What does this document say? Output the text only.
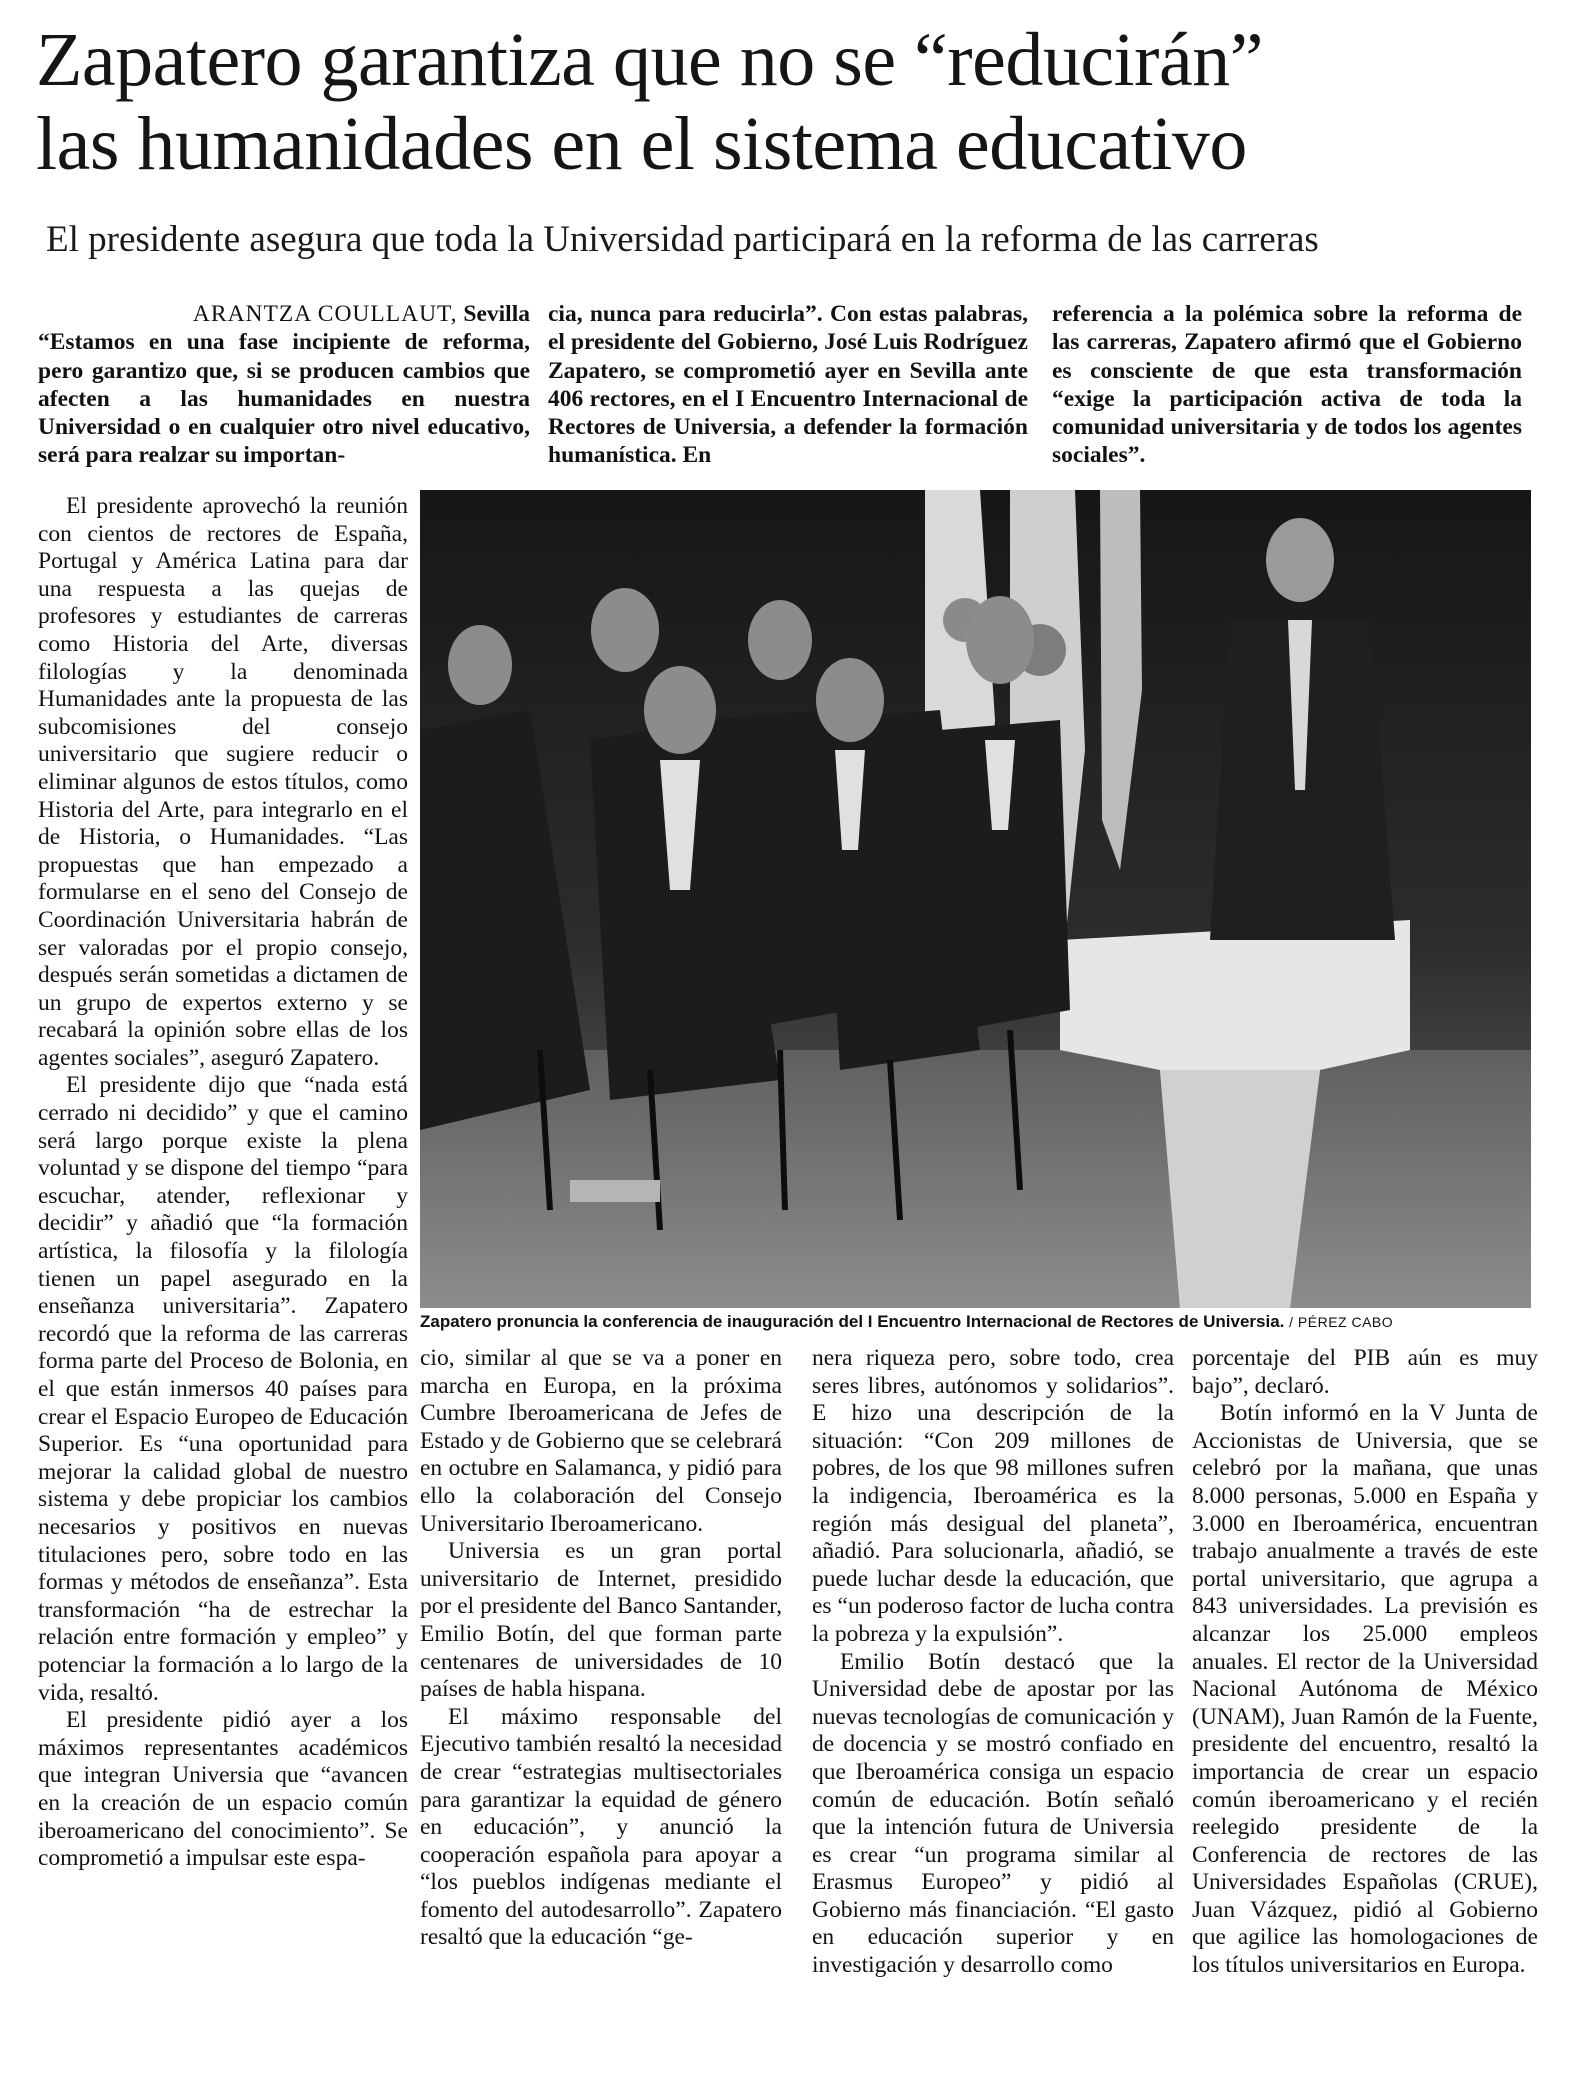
Zapatero garantiza que no se “reducirán”
las humanidades en el sistema educativo
El presidente asegura que toda la Universidad participará en la reforma de las carreras

ARANTZA COULLAUT, Sevilla

“Estamos en una fase incipiente de reforma, pero garantizo que, si se producen cambios que afecten a las humanidades en nuestra Universidad o en cualquier otro nivel educativo, será para realzar su importan-

cia, nunca para reducirla”. Con estas palabras, el presidente del Gobierno, José Luis Rodríguez Zapatero, se comprometió ayer en Sevilla ante 406 rectores, en el I Encuentro Internacional de Rectores de Universia, a defender la formación humanística. En

referencia a la polémica sobre la reforma de las carreras, Zapatero afirmó que el Gobierno es consciente de que esta transformación “exige la participación activa de toda la comunidad universitaria y de todos los agentes sociales”.

Zapatero pronuncia la conferencia de inauguración del I Encuentro Internacional de Rectores de Universia. / PÉREZ CABO

El presidente aprovechó la reunión con cientos de rectores de España, Portugal y América Latina para dar una respuesta a las quejas de profesores y estudiantes de carreras como Historia del Arte, diversas filologías y la denominada Humanidades ante la propuesta de las subcomisiones del consejo universitario que sugiere reducir o eliminar algunos de estos títulos, como Historia del Arte, para integrarlo en el de Historia, o Humanidades. “Las propuestas que han empezado a formularse en el seno del Consejo de Coordinación Universitaria habrán de ser valoradas por el propio consejo, después serán sometidas a dictamen de un grupo de expertos externo y se recabará la opinión sobre ellas de los agentes sociales”, aseguró Zapatero.

El presidente dijo que “nada está cerrado ni decidido” y que el camino será largo porque existe la plena voluntad y se dispone del tiempo “para escuchar, atender, reflexionar y decidir” y añadió que “la formación artística, la filosofía y la filología tienen un papel asegurado en la enseñanza universitaria”. Zapatero recordó que la reforma de las carreras forma parte del Proceso de Bolonia, en el que están inmersos 40 países para crear el Espacio Europeo de Educación Superior. Es “una oportunidad para mejorar la calidad global de nuestro sistema y debe propiciar los cambios necesarios y positivos en nuevas titulaciones pero, sobre todo en las formas y métodos de enseñanza”. Esta transformación “ha de estrechar la relación entre formación y empleo” y potenciar la formación a lo largo de la vida, resaltó.

El presidente pidió ayer a los máximos representantes académicos que integran Universia que “avancen en la creación de un espacio común iberoamericano del conocimiento”. Se comprometió a impulsar este espa-

cio, similar al que se va a poner en marcha en Europa, en la próxima Cumbre Iberoamericana de Jefes de Estado y de Gobierno que se celebrará en octubre en Salamanca, y pidió para ello la colaboración del Consejo Universitario Iberoamericano.

Universia es un gran portal universitario de Internet, presidido por el presidente del Banco Santander, Emilio Botín, del que forman parte centenares de universidades de 10 países de habla hispana.

El máximo responsable del Ejecutivo también resaltó la necesidad de crear “estrategias multisectoriales para garantizar la equidad de género en educación”, y anunció la cooperación española para apoyar a “los pueblos indígenas mediante el fomento del autodesarrollo”. Zapatero resaltó que la educación “ge-

nera riqueza pero, sobre todo, crea seres libres, autónomos y solidarios”. E hizo una descripción de la situación: “Con 209 millones de pobres, de los que 98 millones sufren la indigencia, Iberoamérica es la región más desigual del planeta”, añadió. Para solucionarla, añadió, se puede luchar desde la educación, que es “un poderoso factor de lucha contra la pobreza y la expulsión”.

Emilio Botín destacó que la Universidad debe de apostar por las nuevas tecnologías de comunicación y de docencia y se mostró confiado en que Iberoamérica consiga un espacio común de educación. Botín señaló que la intención futura de Universia es crear “un programa similar al Erasmus Europeo” y pidió al Gobierno más financiación. “El gasto en educación superior y en investigación y desarrollo como

porcentaje del PIB aún es muy bajo”, declaró.

Botín informó en la V Junta de Accionistas de Universia, que se celebró por la mañana, que unas 8.000 personas, 5.000 en España y 3.000 en Iberoamérica, encuentran trabajo anualmente a través de este portal universitario, que agrupa a 843 universidades. La previsión es alcanzar los 25.000 empleos anuales. El rector de la Universidad Nacional Autónoma de México (UNAM), Juan Ramón de la Fuente, presidente del encuentro, resaltó la importancia de crear un espacio común iberoamericano y el recién reelegido presidente de la Conferencia de rectores de las Universidades Españolas (CRUE), Juan Vázquez, pidió al Gobierno que agilice las homologaciones de los títulos universitarios en Europa.
